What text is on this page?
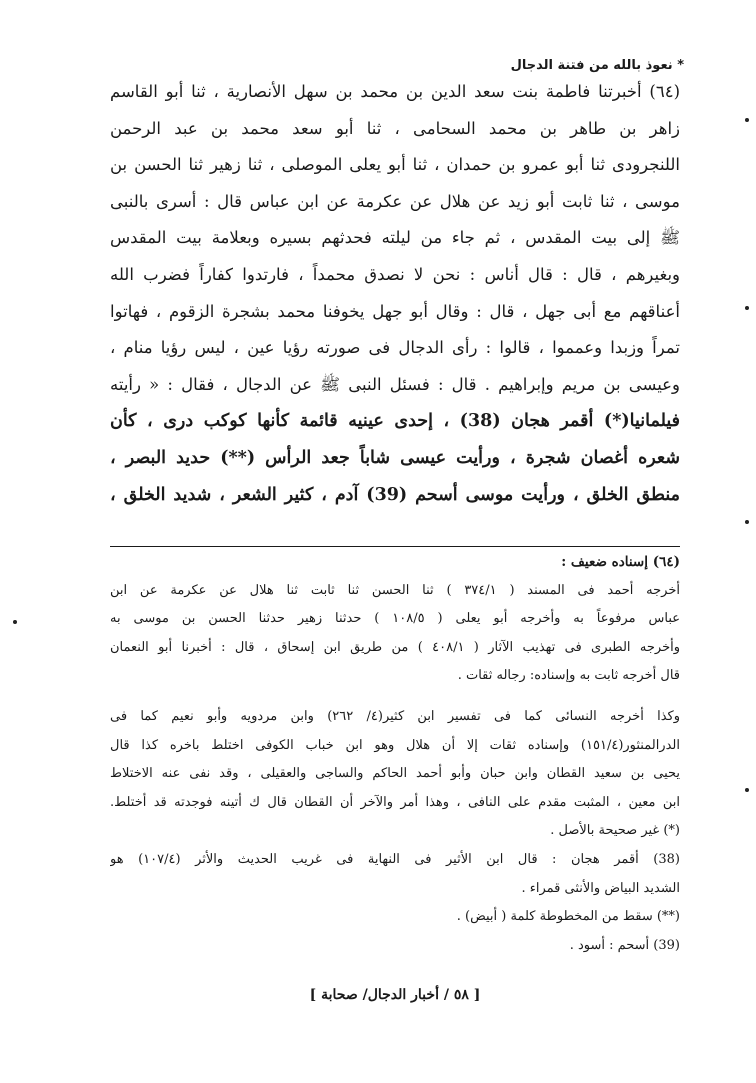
* نعوذ بالله من فتنة الدجال
(٦٤) أخبرتنا فاطمة بنت سعد الدين بن محمد بن سهل الأنصارية ، ثنا أبو القاسم
زاهر بن طاهر بن محمد السحامى ، ثنا أبو سعد محمد بن عبد الرحمن
اللنجرودى ثنا أبو عمرو بن حمدان ، ثنا أبو يعلى الموصلى ، ثنا زهير ثنا الحسن بن
موسى ، ثنا ثابت أبو زيد عن هلال عن عكرمة عن ابن عباس قال : أسرى بالنبى
ﷺ إلى بيت المقدس ، ثم جاء من ليلته فحدثهم بسيره وبعلامة بيت المقدس
وبغيرهم ، قال : قال أناس : نحن لا نصدق محمداً ، فارتدوا كفاراً فضرب الله
أعناقهم مع أبى جهل ، قال : وقال أبو جهل يخوفنا محمد بشجرة الزقوم ، فهاتوا
تمراً وزبدا وعمموا ، قالوا : رأى الدجال فى صورته رؤيا عين ، ليس رؤيا منام ،
وعيسى بن مريم وإبراهيم . قال : فسئل النبى ﷺ عن الدجال ، فقال : « رأيته
فيلمانيا(*) أقمر هجان (38) ، إحدى عينيه قائمة كأنها كوكب درى ، كأن
شعره أغصان شجرة ، ورأيت عيسى شاباً جعد الرأس (**) حديد البصر ،
منطق الخلق ، ورأيت موسى أسحم (39) آدم ، كثير الشعر ، شديد الخلق ،
(٦٤) إسناده ضعيف :
أخرجه أحمد فى المسند ( ٣٧٤/١ ) ثنا الحسن ثنا ثابت ثنا هلال عن عكرمة عن ابن
عباس مرفوعاً به وأخرجه أبو يعلى ( ١٠٨/٥ ) حدثنا زهير حدثنا الحسن بن موسى به
وأخرجه الطبرى فى تهذيب الآثار ( ٤٠٨/١ ) من طريق ابن إسحاق ، قال : أخبرنا أبو النعمان
قال أخرجه ثابت به وإسناده: رجاله ثقات .
وكذا أخرجه النسائى كما فى تفسير ابن كثير(٤/ ٢٦٢) وابن مردويه وأبو نعيم كما فى
الدرالمنثور(١٥١/٤) وإسناده ثقات إلا أن هلال وهو ابن خباب الكوفى اختلط باخره كذا قال
يحيى بن سعيد القطان وابن حبان وأبو أحمد الحاكم والساجى والعقيلى ، وقد نفى عنه الاختلاط
ابن معين ، المثبت مقدم على النافى ، وهذا أمر والآخر أن القطان قال ك أتينه فوجدته قد أختلط.
(*) غير صحيحة بالأصل .
(38) أقمر هجان : قال ابن الأثير فى النهاية فى غريب الحديث والأثر (١٠٧/٤) هو
الشديد البياض والأنثى قمراء .
(**) سقط من المخطوطة كلمة ( أبيض) .
(39) أسحم : أسود .
[ ٥٨ / أخبار الدجال/ صحابة ]
